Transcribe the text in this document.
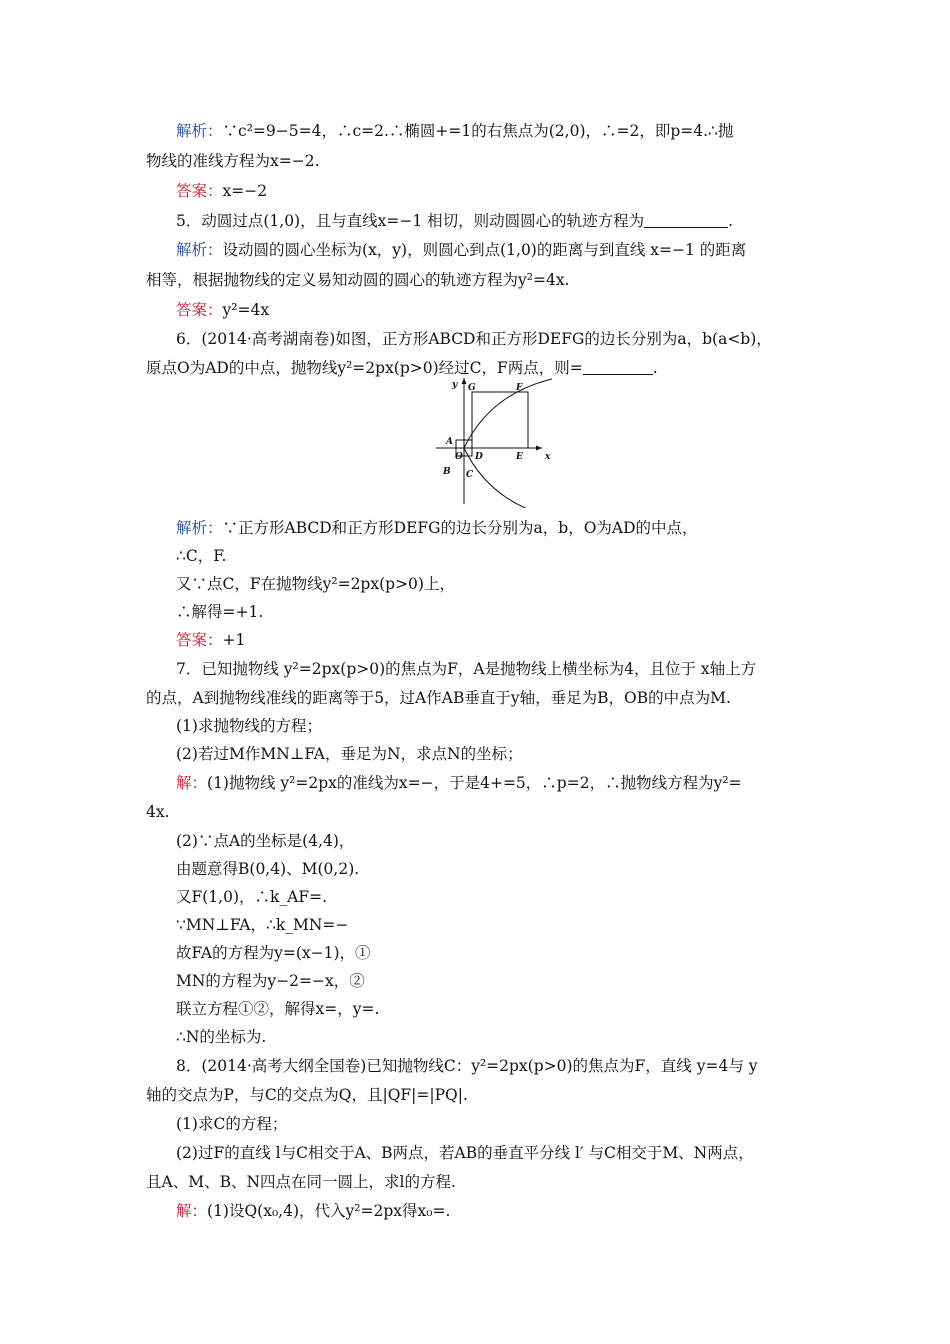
解析：∵c²=9−5=4，∴c=2.∴椭圆+=1的右焦点为(2,0)，∴=2，即p=4.∴抛
物线的准线方程为x=−2.
答案：x=−2
5．动圆过点(1,0)，且与直线x=−1 相切，则动圆圆心的轨迹方程为	.
解析：设动圆的圆心坐标为(x，y)，则圆心到点(1,0)的距离与到直线 x=−1 的距离
相等，根据抛物线的定义易知动圆的圆心的轨迹方程为y²=4x.
答案：y²=4x
6．(2014·高考湖南卷)如图，正方形ABCD和正方形DEFG的边长分别为a，b(a<b)，
原点O为AD的中点，抛物线y²=2px(p>0)经过C，F两点，则=	.
y
x
G	F
A
O D	E
B C
解析：∵正方形ABCD和正方形DEFG的边长分别为a，b，O为AD的中点，
∴C，F.
又∵点C，F在抛物线y²=2px(p>0)上，
∴解得=+1.
答案：+1
7．已知抛物线 y²=2px(p>0)的焦点为F，A是抛物线上横坐标为4，且位于 x轴上方
的点，A到抛物线准线的距离等于5，过A作AB垂直于y轴，垂足为B，OB的中点为M.
(1)求抛物线的方程；
(2)若过M作MN⊥FA，垂足为N，求点N的坐标；
解：(1)抛物线 y²=2px的准线为x=−，于是4+=5，∴p=2，∴抛物线方程为y²=
4x.
(2)∵点A的坐标是(4,4)，
由题意得B(0,4)、M(0,2).
又F(1,0)，∴k_AF=.
∵MN⊥FA，∴k_MN=−
故FA的方程为y=(x−1)，①
MN的方程为y−2=−x，②
联立方程①②，解得x=，y=.
∴N的坐标为.
8．(2014·高考大纲全国卷)已知抛物线C：y²=2px(p>0)的焦点为F，直线 y=4与 y
轴的交点为P，与C的交点为Q，且|QF|=|PQ|.
(1)求C的方程；
(2)过F的直线 l与C相交于A、B两点，若AB的垂直平分线 l′ 与C相交于M、N两点，
且A、M、B、N四点在同一圆上，求l的方程.
解：(1)设Q(x₀,4)，代入y²=2px得x₀=.
